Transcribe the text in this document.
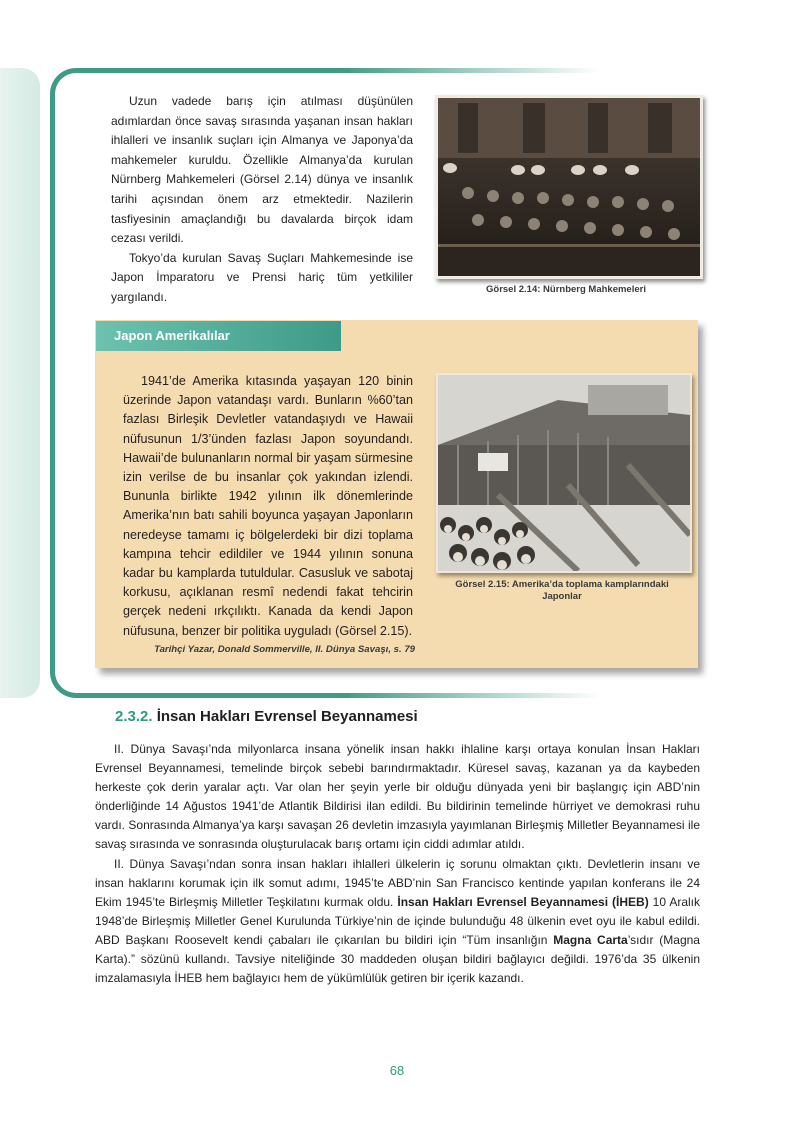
Uzun vadede barış için atılması düşünülen adımlardan önce savaş sırasında yaşanan insan hakları ihlalleri ve insanlık suçları için Almanya ve Japonya’da mahkemeler kuruldu. Özellikle Almanya’da kurulan Nürnberg Mahkemeleri (Görsel 2.14) dünya ve insanlık tarihi açısından önem arz etmektedir. Nazilerin tasfiyesinin amaçlandığı bu davalarda birçok idam cezası verildi.

Tokyo’da kurulan Savaş Suçları Mahkemesinde ise Japon İmparatoru ve Prensi hariç tüm yetkililer yargılandı.

Görsel 2.14: Nürnberg Mahkemeleri
Japon Amerikalılar

1941’de Amerika kıtasında yaşayan 120 binin üzerinde Japon vatandaşı vardı. Bunların %60’tan fazlası Birleşik Devletler vatandaşıydı ve Hawaii nüfusunun 1/3’ünden fazlası Japon soyundandı. Hawaii’de bulunanların normal bir yaşam sürmesine izin verilse de bu insanlar çok yakından izlendi. Bununla birlikte 1942 yılının ilk dönemlerinde Amerika’nın batı sahili boyunca yaşayan Japonların neredeyse tamamı iç bölgelerdeki bir dizi toplama kampına tehcir edildiler ve 1944 yılının sonuna kadar bu kamplarda tutuldular. Casusluk ve sabotaj korkusu, açıklanan resmî nedendi fakat tehcirin gerçek nedeni ırkçılıktı. Kanada da kendi Japon nüfusuna, benzer bir politika uyguladı (Görsel 2.15).

Tarihçi Yazar, Donald Sommerville, II. Dünya Savaşı, s. 79
Görsel 2.15: Amerika’da toplama kamplarındaki
Japonlar
2.3.2. İnsan Hakları Evrensel Beyannamesi

II. Dünya Savaşı’nda milyonlarca insana yönelik insan hakkı ihlaline karşı ortaya konulan İnsan Hakları Evrensel Beyannamesi, temelinde birçok sebebi barındırmaktadır. Küresel savaş, kazanan ya da kaybeden herkeste çok derin yaralar açtı. Var olan her şeyin yerle bir olduğu dünyada yeni bir başlangıç için ABD’nin önderliğinde 14 Ağustos 1941’de Atlantik Bildirisi ilan edildi. Bu bildirinin temelinde hürriyet ve demokrasi ruhu vardı. Sonrasında Almanya’ya karşı savaşan 26 devletin imzasıyla yayımlanan Birleşmiş Milletler Beyannamesi ile savaş sırasında ve sonrasında oluşturulacak barış ortamı için ciddi adımlar atıldı.

II. Dünya Savaşı’ndan sonra insan hakları ihlalleri ülkelerin iç sorunu olmaktan çıktı. Devletlerin insanı ve insan haklarını korumak için ilk somut adımı, 1945’te ABD’nin San Francisco kentinde yapılan konferans ile 24 Ekim 1945’te Birleşmiş Milletler Teşkilatını kurmak oldu. İnsan Hakları Evrensel Beyannamesi (İHEB) 10 Aralık 1948’de Birleşmiş Milletler Genel Kurulunda Türkiye’nin de içinde bulunduğu 48 ülkenin evet oyu ile kabul edildi. ABD Başkanı Roosevelt kendi çabaları ile çıkarılan bu bildiri için “Tüm insanlığın Magna Carta’sıdır (Magna Karta).” sözünü kullandı. Tavsiye niteliğinde 30 maddeden oluşan bildiri bağlayıcı değildi. 1976’da 35 ülkenin imzalamasıyla İHEB hem bağlayıcı hem de yükümlülük getiren bir içerik kazandı.

68
